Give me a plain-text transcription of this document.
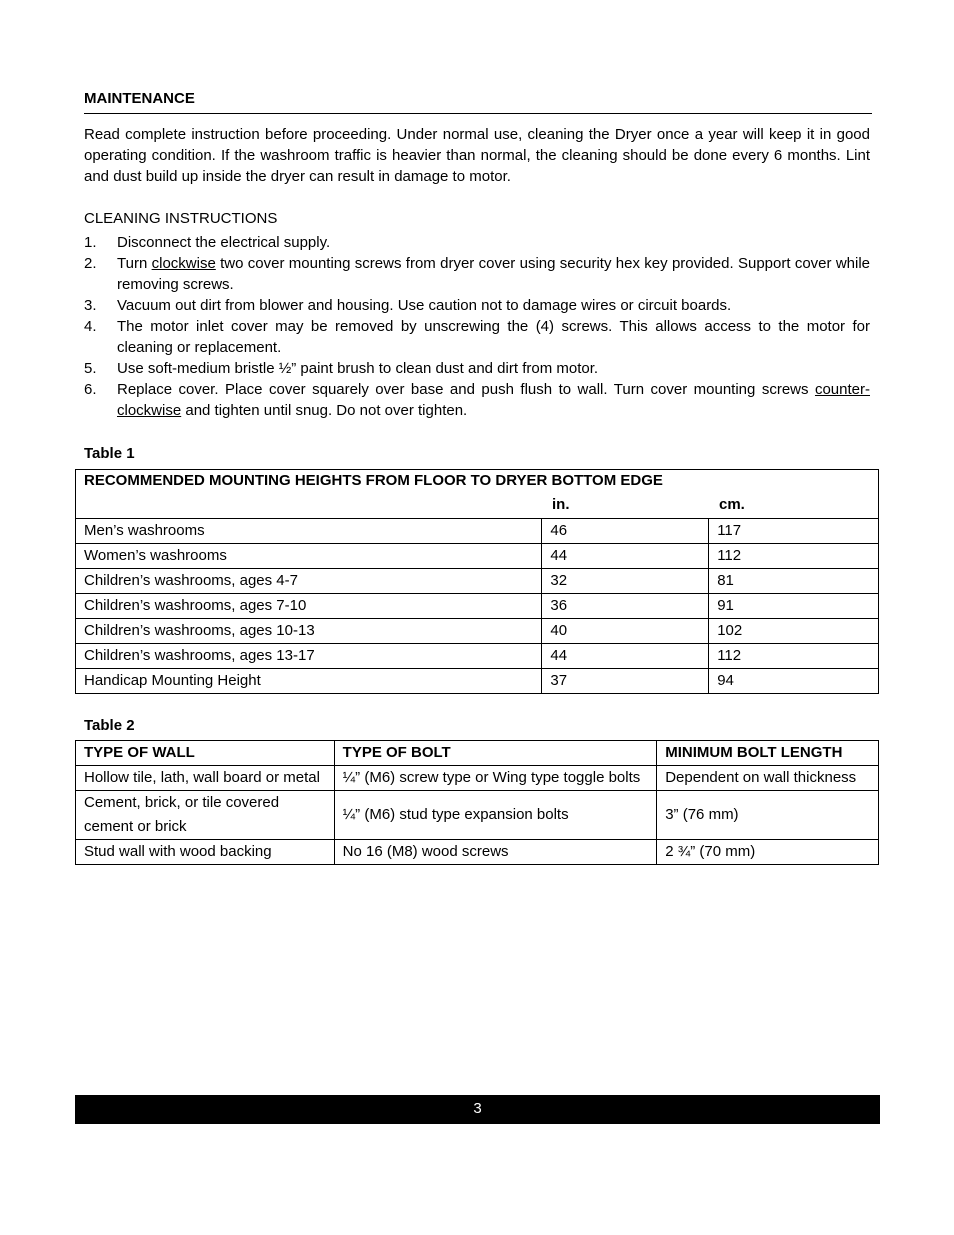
MAINTENANCE

Read complete instruction before proceeding. Under normal use, cleaning the Dryer once a year will keep it in good operating condition. If the washroom traffic is heavier than normal, the cleaning should be done every 6 months. Lint and dust build up inside the dryer can result in damage to motor.

CLEANING INSTRUCTIONS

1. Disconnect the electrical supply.
2. Turn clockwise two cover mounting screws from dryer cover using security hex key provided. Support cover while removing screws.
3. Vacuum out dirt from blower and housing. Use caution not to damage wires or circuit boards.
4. The motor inlet cover may be removed by unscrewing the (4) screws. This allows access to the motor for cleaning or replacement.
5. Use soft-medium bristle ½” paint brush to clean dust and dirt from motor.
6. Replace cover. Place cover squarely over base and push flush to wall. Turn cover mounting screws counter-clockwise and tighten until snug. Do not over tighten.

Table 1

RECOMMENDED MOUNTING HEIGHTS FROM FLOOR TO DRYER BOTTOM EDGE
in. cm.		

Men’s washrooms	46	117
Women’s washrooms	44	112
Children’s washrooms, ages 4-7	32	81
Children’s washrooms, ages 7-10	36	91
Children’s washrooms, ages 10-13	40	102
Children’s washrooms, ages 13-17	44	112
Handicap Mounting Height	37	94

Table 2

TYPE OF WALL	TYPE OF BOLT	MINIMUM BOLT LENGTH
Hollow tile, lath, wall board or metal	¼” (M6) screw type or Wing type toggle bolts	Dependent on wall thickness
Cement, brick, or tile covered cement or brick	¼” (M6) stud type expansion bolts	3” (76 mm)
Stud wall with wood backing	No 16 (M8) wood screws	2 ¾” (70 mm)
3
